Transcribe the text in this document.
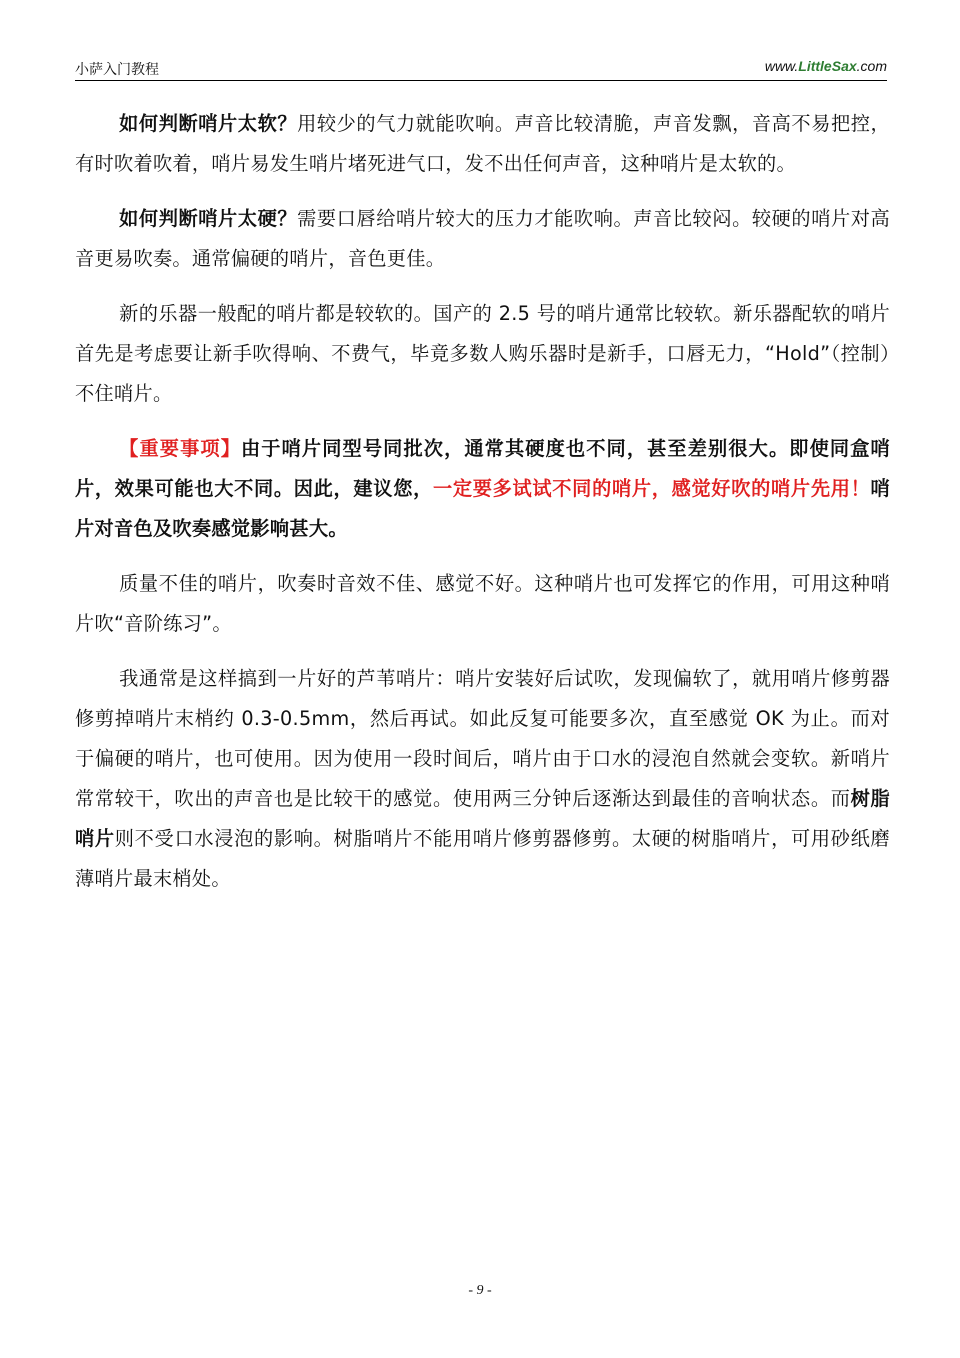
小萨入门教程	www.LittleSax.com

如何判断哨片太软？用较少的气力就能吹响。声音比较清脆，声音发飘，音高不易把控，有时吹着吹着，哨片易发生哨片堵死进气口，发不出任何声音，这种哨片是太软的。

如何判断哨片太硬？需要口唇给哨片较大的压力才能吹响。声音比较闷。较硬的哨片对高音更易吹奏。通常偏硬的哨片，音色更佳。

新的乐器一般配的哨片都是较软的。国产的 2.5 号的哨片通常比较软。新乐器配软的哨片首先是考虑要让新手吹得响、不费气，毕竟多数人购乐器时是新手，口唇无力，“Hold”（控制）不住哨片。

【重要事项】由于哨片同型号同批次，通常其硬度也不同，甚至差别很大。即使同盒哨片，效果可能也大不同。因此，建议您，一定要多试试不同的哨片，感觉好吹的哨片先用！哨片对音色及吹奏感觉影响甚大。

质量不佳的哨片，吹奏时音效不佳、感觉不好。这种哨片也可发挥它的作用，可用这种哨片吹“音阶练习”。

我通常是这样搞到一片好的芦苇哨片：哨片安装好后试吹，发现偏软了，就用哨片修剪器修剪掉哨片末梢约 0.3-0.5mm，然后再试。如此反复可能要多次，直至感觉 OK 为止。而对于偏硬的哨片，也可使用。因为使用一段时间后，哨片由于口水的浸泡自然就会变软。新哨片常常较干，吹出的声音也是比较干的感觉。使用两三分钟后逐渐达到最佳的音响状态。而树脂哨片则不受口水浸泡的影响。树脂哨片不能用哨片修剪器修剪。太硬的树脂哨片，可用砂纸磨薄哨片最末梢处。

- 9 -
